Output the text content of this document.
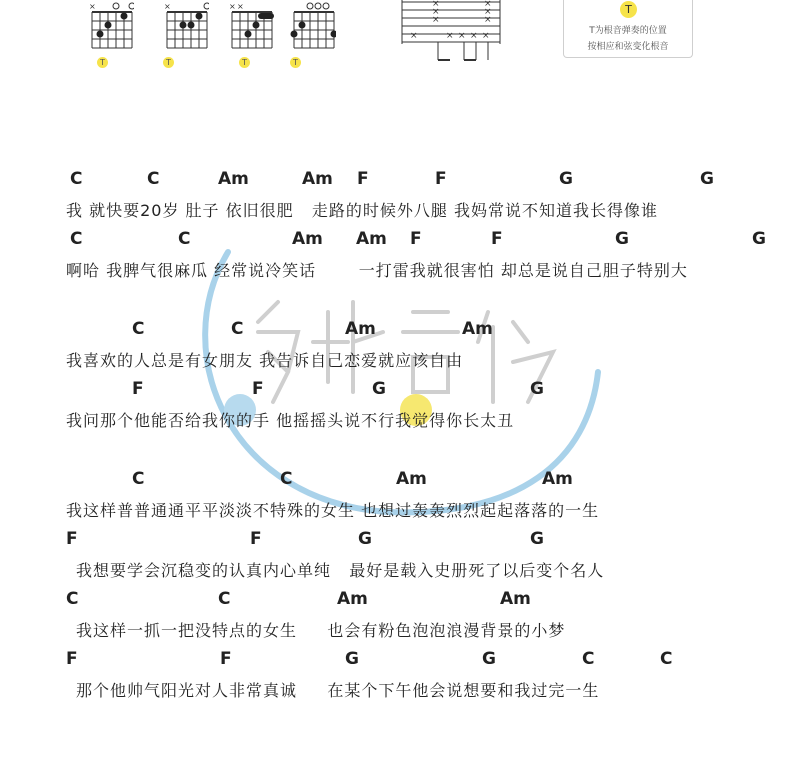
×
T
×
T
× ×
T	T
×
×
×
×
×
×
×	× × × ×
T
T为根音弹奏的位置
按相应和弦变化根音
C	C	Am	Am F	F	G	G
我 就快要20岁 肚子 依旧很肥   走路的时候外八腿 我妈常说不知道我长得像谁
C	C	Am Am F	F	G	G
啊哈 我脾气很麻瓜 经常说冷笑话       一打雷我就很害怕 却总是说自己胆子特别大
C	C	Am	Am
我喜欢的人总是有女朋友 我告诉自己恋爱就应该自由
F	F	G	G
我问那个他能否给我你的手 他摇摇头说不行我觉得你长太丑
C	C	Am	Am
我这样普普通通平平淡淡不特殊的女生 也想过轰轰烈烈起起落落的一生
F	F	G	G
我想要学会沉稳变的认真内心单纯   最好是载入史册死了以后变个名人
C	C	Am	Am
我这样一抓一把没特点的女生     也会有粉色泡泡浪漫背景的小梦
F	F	G	G	C	C
那个他帅气阳光对人非常真诚     在某个下午他会说想要和我过完一生
